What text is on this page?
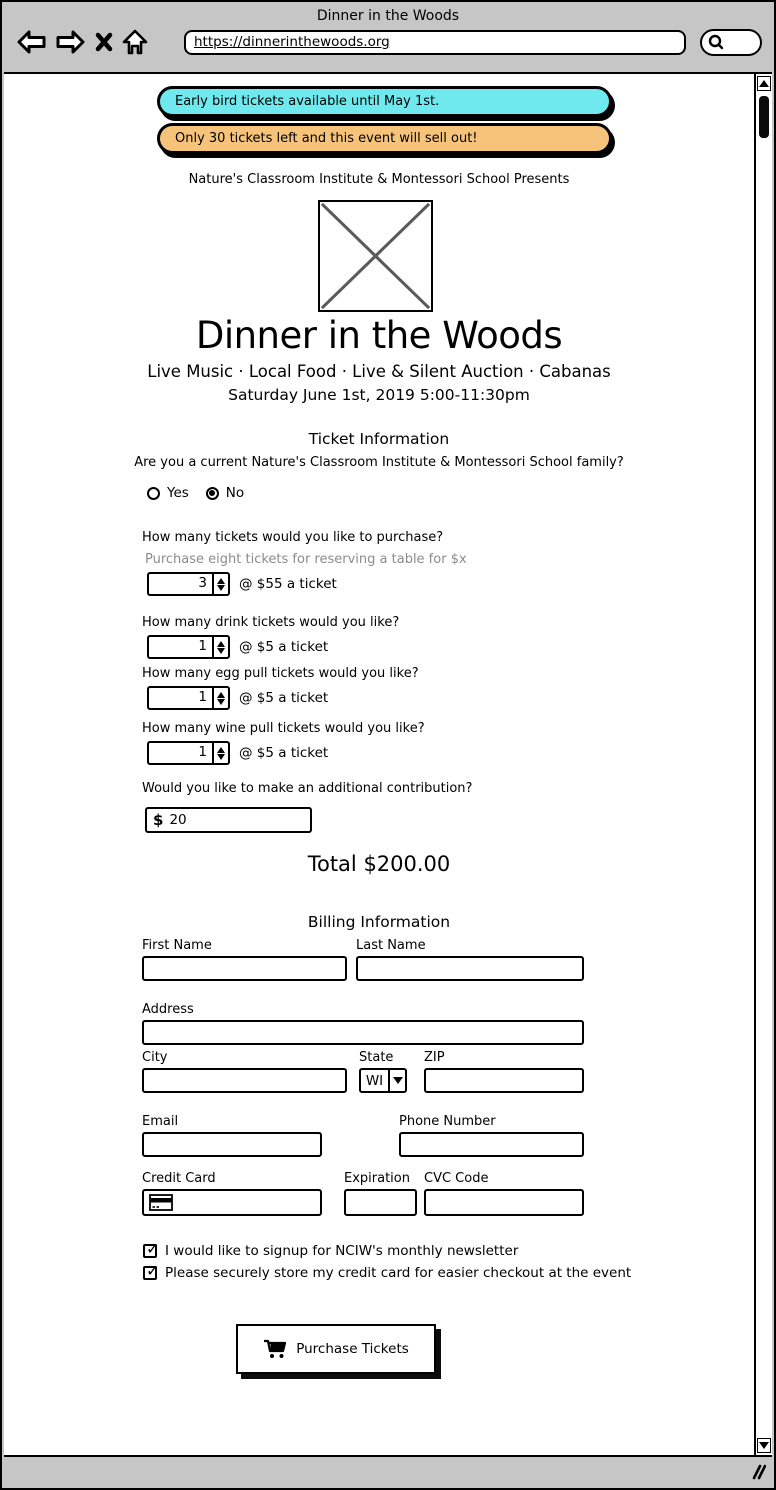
Dinner in the Woods
https://dinnerinthewoods.org
Early bird tickets available until May 1st.
Only 30 tickets left and this event will sell out!
Nature's Classroom Institute & Montessori School Presents
Dinner in the Woods
Live Music · Local Food · Live & Silent Auction · Cabanas
Saturday June 1st, 2019 5:00-11:30pm
Ticket Information
Are you a current Nature's Classroom Institute & Montessori School family?
Yes	No
How many tickets would you like to purchase?
Purchase eight tickets for reserving a table for $x
3	@ $55 a ticket
How many drink tickets would you like?
1	@ $5 a ticket
How many egg pull tickets would you like?
1	@ $5 a ticket
How many wine pull tickets would you like?
1	@ $5 a ticket
Would you like to make an additional contribution?
$ 20
Total $200.00
Billing Information
First Name	Last Name
Address
City	State ZIP
WI
Email	Phone Number
Credit Card	Expiration CVC Code
✓ I would like to signup for NCIW's monthly newsletter
✓ Please securely store my credit card for easier checkout at the event
Purchase Tickets
